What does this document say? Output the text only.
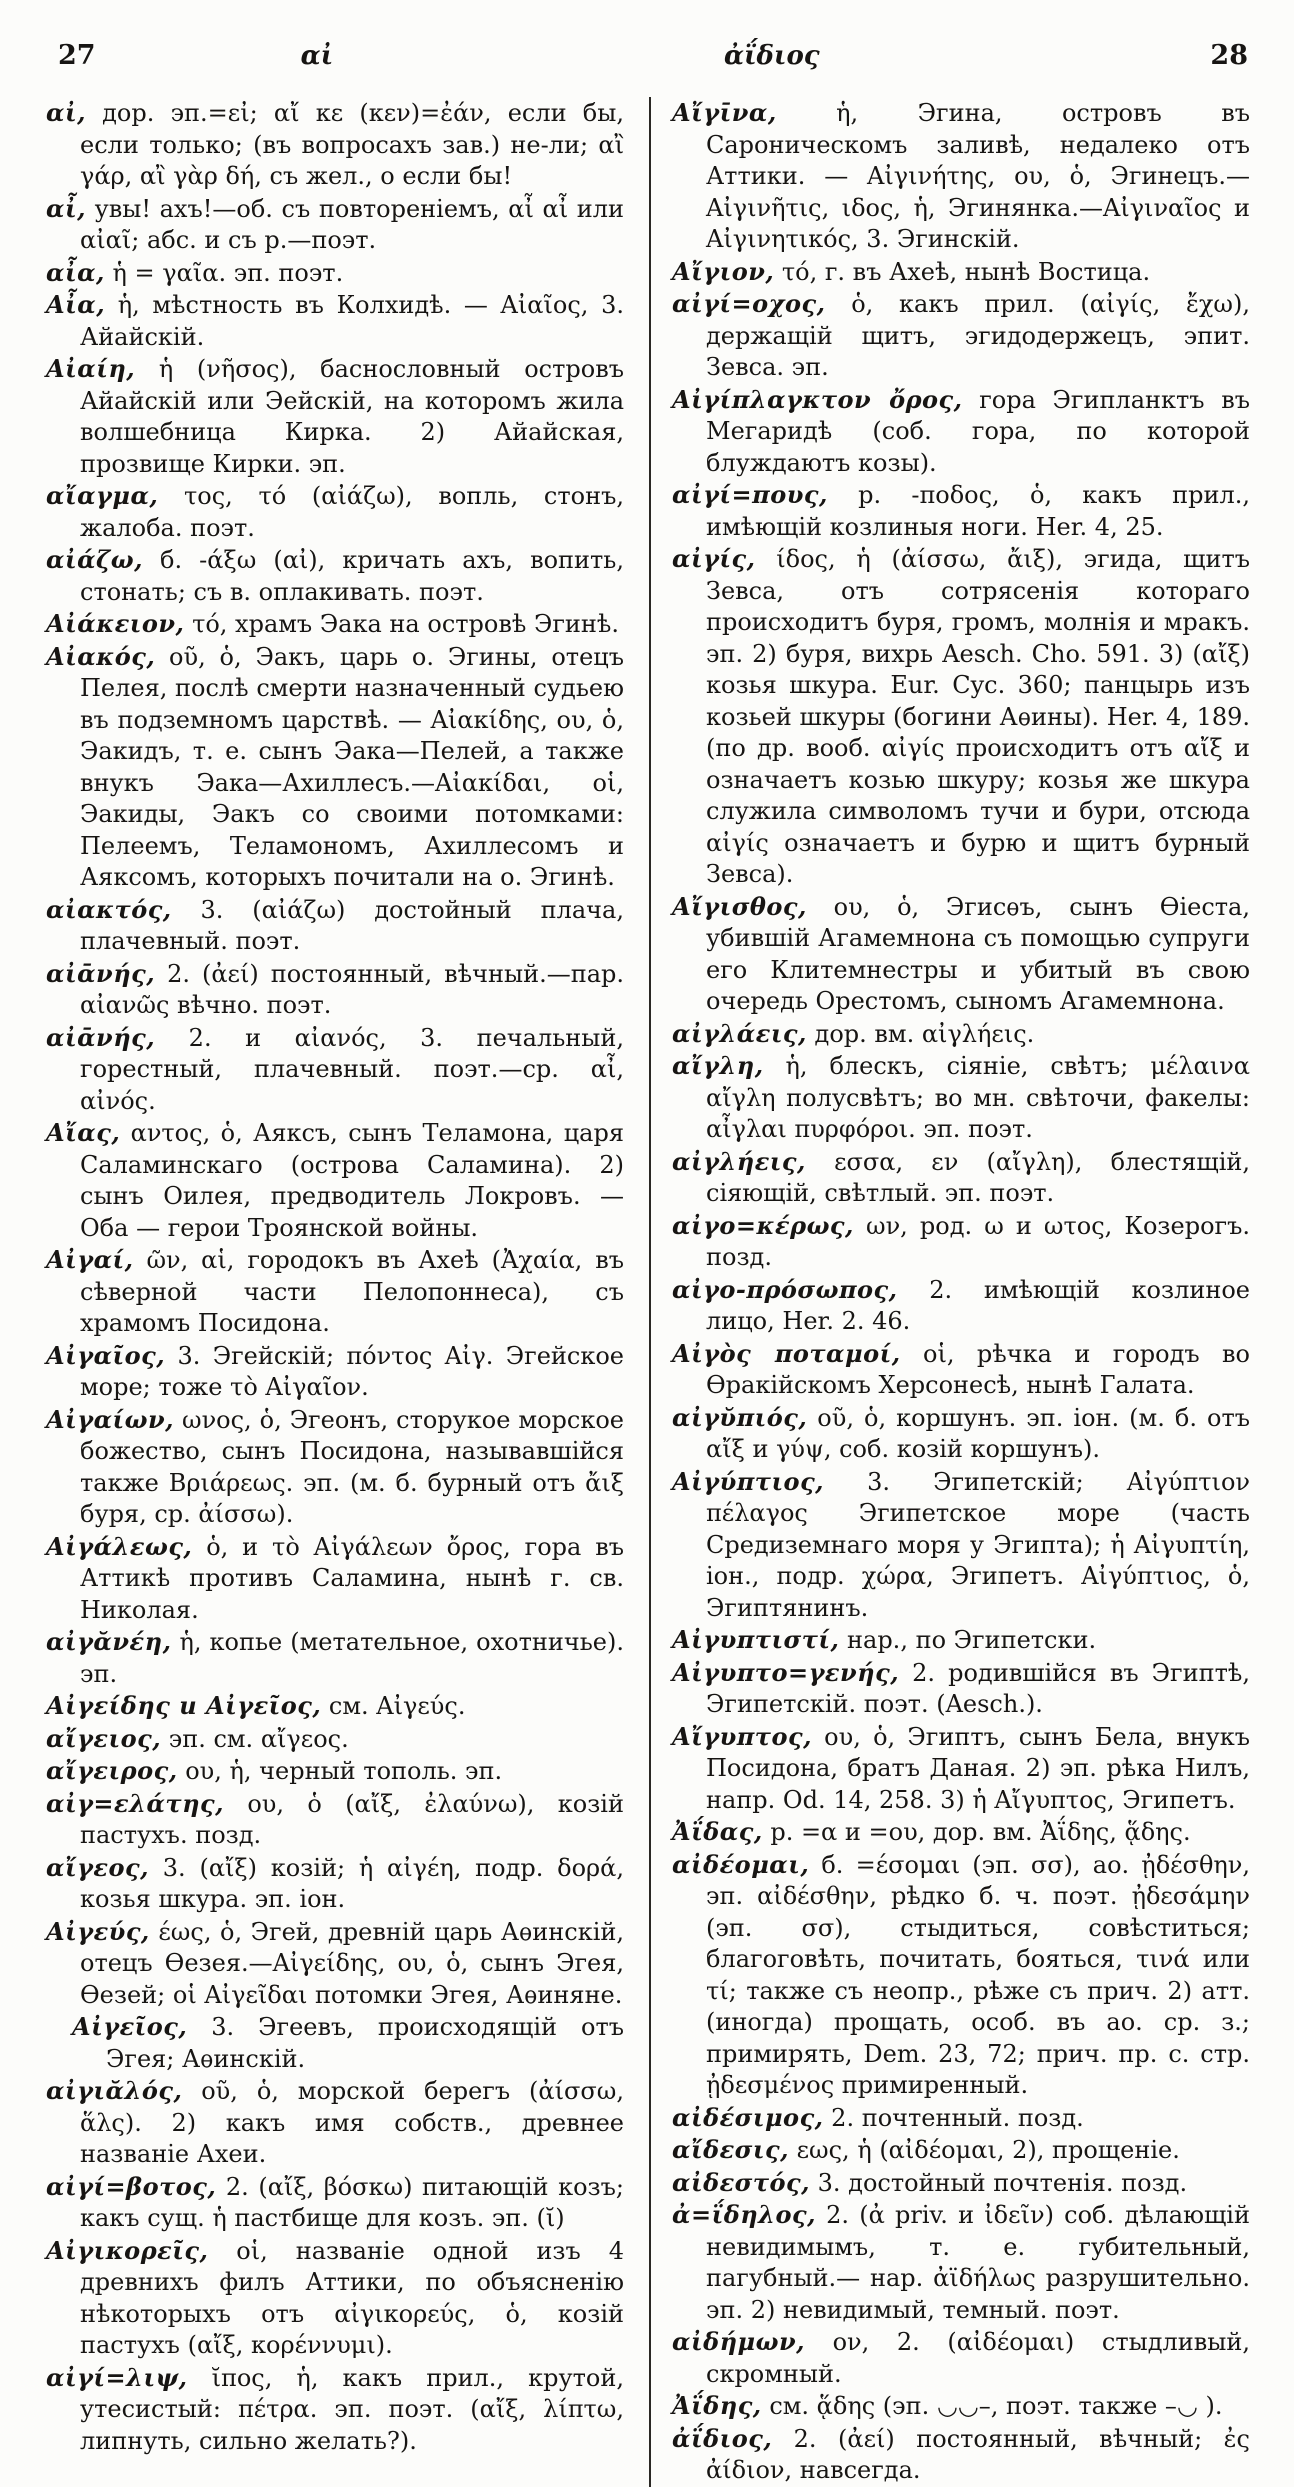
27	αἰ	ἀΐδιος	28

αἰ, дор. эп.=εἰ; αἴ κε (κεν)=ἐάν, если бы, если только; (въ вопросахъ зав.) не-ли; αἲ γάρ, αἲ γὰρ δή, съ жел., о если бы!

αἶ, увы! ахъ!—об. съ повтореніемъ, αἶ αἶ или αἰαῖ; абс. и съ р.—поэт.

αἶα, ἡ = γαῖα. эп. поэт.

Αἶα, ἡ, мѣстность въ Колхидѣ. — Αἰαῖος, 3. Айайскій.

Αἰαίη, ἡ (νῆσος), баснословный островъ Айайскій или Эейскій, на которомъ жила волшебница Кирка. 2) Айайская, прозвище Кирки. эп.

αἴαγμα, τος, τό (αἰάζω), вопль, стонъ, жалоба. поэт.

αἰάζω, б. -άξω (αἰ), кричать ахъ, вопить, стонать; съ в. оплакивать. поэт.

Αἰάκειον, τό, храмъ Эака на островѣ Эгинѣ.

Αἰακός, οῦ, ὁ, Эакъ, царь о. Эгины, отецъ Пелея, послѣ смерти назначенный судьею въ подземномъ царствѣ. — Αἰακίδης, ου, ὁ, Эакидъ, т. е. сынъ Эака—Пелей, а также внукъ Эака—Ахиллесъ.—Αἰακίδαι, οἱ, Эакиды, Эакъ со своими потомками: Пелеемъ, Теламономъ, Ахиллесомъ и Аяксомъ, которыхъ почитали на о. Эгинѣ.

αἰακτός, 3. (αἰάζω) достойный плача, плачевный. поэт.

αἰᾱνής, 2. (ἀεί) постоянный, вѣчный.—пар. αἰανῶς вѣчно. поэт.

αἰᾱνής, 2. и αἰανός, 3. печальный, горестный, плачевный. поэт.—ср. αἶ, αἰνός.

Αἴας, αντος, ὁ, Аяксъ, сынъ Теламона, царя Саламинскаго (острова Саламина). 2) сынъ Оилея, предводитель Локровъ. — Оба — герои Троянской войны.

Αἰγαί, ῶν, αἱ, городокъ въ Ахеѣ (Ἀχαία, въ сѣверной части Пелопоннеса), съ храмомъ Посидона.

Αἰγαῖος, 3. Эгейскій; πόντος Αἰγ. Эгейское море; тоже τὸ Αἰγαῖον.

Αἰγαίων, ωνος, ὁ, Эгеонъ, сторукое морское божество, сынъ Посидона, называвшійся также Βριάρεως. эп. (м. б. бурный отъ ἄιξ буря, ср. ἀίσσω).

Αἰγάλεως, ὁ, и τὸ Αἰγάλεων ὄρος, гора въ Аттикѣ противъ Саламина, нынѣ г. св. Николая.

αἰγᾰνέη, ἡ, копье (метательное, охотничье). эп.

Αἰγείδης и Αἰγεῖος, см. Αἰγεύς.

αἴγειος, эп. см. αἴγεος.

αἴγειρος, ου, ἡ, черный тополь. эп.

αἰγ=ελάτης, ου, ὁ (αἴξ, ἐλαύνω), козій пастухъ. позд.

αἴγεος, 3. (αἴξ) козій; ἡ αἰγέη, подр. δορά, козья шкура. эп. іон.

Αἰγεύς, έως, ὁ, Эгей, древній царь Аѳинскій, отецъ Ѳезея.—Αἰγείδης, ου, ὁ, сынъ Эгея, Ѳезей; οἱ Αἰγεῖδαι потомки Эгея, Аѳиняне.

Αἰγεῖος, 3. Эгеевъ, происходящій отъ Эгея; Аѳинскій.

αἰγιᾰλός, οῦ, ὁ, морской берегъ (ἀίσσω, ἅλς). 2) какъ имя собств., древнее названіе Ахеи.

αἰγί=βοτος, 2. (αἴξ, βόσκω) питающій козъ; какъ сущ. ἡ пастбище для козъ. эп. (ῐ)

Αἰγικορεῖς, οἱ, названіе одной изъ 4 древнихъ филъ Аттики, по объясненію нѣкоторыхъ отъ αἰγικορεύς, ὁ, козій пастухъ (αἴξ, κορέννυμι).

αἰγί=λιψ, ῐπος, ἡ, какъ прил., крутой, утесистый: πέτρα. эп. поэт. (αἴξ, λίπτω, липнуть, сильно желать?).

Αἴγῑνα, ἡ, Эгина, островъ въ Сароническомъ заливѣ, недалеко отъ Аттики. — Αἰγινήτης, ου, ὁ, Эгинецъ.—Αἰγινῆτις, ιδος, ἡ, Эгинянка.—Αἰγιναῖος и Αἰγινητικός, 3. Эгинскій.

Αἴγιον, τό, г. въ Ахеѣ, нынѣ Востица.

αἰγί=οχος, ὁ, какъ прил. (αἰγίς, ἔχω), держащій щитъ, эгидодержецъ, эпит. Зевса. эп.

Αἰγίπλαγκτον ὄρος, гора Эгипланктъ въ Мегаридѣ (соб. гора, по которой блуждаютъ козы).

αἰγί=πους, р. -ποδος, ὁ, какъ прил., имѣющій козлиныя ноги. Her. 4, 25.

αἰγίς, ίδος, ἡ (ἀίσσω, ἄιξ), эгида, щитъ Зевса, отъ сотрясенія котораго происходитъ буря, громъ, молнія и мракъ. эп. 2) буря, вихрь Aesch. Cho. 591. 3) (αἴξ) козья шкура. Eur. Cyc. 360; панцырь изъ козьей шкуры (богини Аѳины). Her. 4, 189. (по др. вооб. αἰγίς происходитъ отъ αἴξ и означаетъ козью шкуру; козья же шкура служила символомъ тучи и бури, отсюда αἰγίς означаетъ и бурю и щитъ бурный Зевса).

Αἴγισθος, ου, ὁ, Эгисѳъ, сынъ Ѳіеста, убившій Агамемнона съ помощью супруги его Клитемнестры и убитый въ свою очередь Орестомъ, сыномъ Агамемнона.

αἰγλάεις, дор. вм. αἰγλήεις.

αἴγλη, ἡ, блескъ, сіяніе, свѣтъ; μέλαινα αἴγλη полусвѣтъ; во мн. свѣточи, факелы: αἶγλαι πυρφόροι. эп. поэт.

αἰγλήεις, εσσα, εν (αἴγλη), блестящій, сіяющій, свѣтлый. эп. поэт.

αἰγο=κέρως, ων, род. ω и ωτος, Козерогъ. позд.

αἰγο-πρόσωπος, 2. имѣющій козлиное лицо, Her. 2. 46.

Αἰγὸς ποταμοί, οἱ, рѣчка и городъ во Ѳракійскомъ Херсонесѣ, нынѣ Галата.

αἰγῠπιός, οῦ, ὁ, коршунъ. эп. іон. (м. б. отъ αἴξ и γύψ, соб. козій коршунъ).

Αἰγύπτιος, 3. Эгипетскій; Αἰγύπτιον πέλαγος Эгипетское море (часть Средиземнаго моря у Эгипта); ἡ Αἰγυπτίη, іон., подр. χώρα, Эгипетъ. Αἰγύπτιος, ὁ, Эгиптянинъ.

Αἰγυπτιστί, нар., по Эгипетски.

Αἰγυπτο=γενής, 2. родившійся въ Эгиптѣ, Эгипетскій. поэт. (Aesch.).

Αἴγυπτος, ου, ὁ, Эгиптъ, сынъ Бела, внукъ Посидона, братъ Даная. 2) эп. рѣка Нилъ, напр. Od. 14, 258. 3) ἡ Αἴγυπτος, Эгипетъ.

Ἀΐδας, р. =α и =ου, дор. вм. Ἀΐδης, ᾅδης.

αἰδέομαι, б. =έσομαι (эп. σσ), ао. ᾐδέσθην, эп. αἰδέσθην, рѣдко б. ч. поэт. ᾐδεσάμην (эп. σσ), стыдиться, совѣститься; благоговѣть, почитать, бояться, τινά или τί; также съ неопр., рѣже съ прич. 2) атт. (иногда) прощать, особ. въ ао. ср. з.; примирять, Dem. 23, 72; прич. пр. с. стр. ᾐδεσμένος примиренный.

αἰδέσιμος, 2. почтенный. позд.

αἴδεσις, εως, ἡ (αἰδέομαι, 2), прощеніе.

αἰδεστός, 3. достойный почтенія. позд.

ἀ=ΐδηλος, 2. (ἀ priv. и ἰδεῖν) соб. дѣлающій невидимымъ, т. е. губительный, пагубный.— нар. ἀϊδήλως разрушительно. эп. 2) невидимый, темный. поэт.

αἰδήμων, ον, 2. (αἰδέομαι) стыдливый, скромный.

Ἀΐδης, см. ᾅδης (эп. ◡◡–, поэт. также –◡ ).

ἀΐδιος, 2. (ἀεί) постоянный, вѣчный; ἐς ἀίδιον, навсегда.
